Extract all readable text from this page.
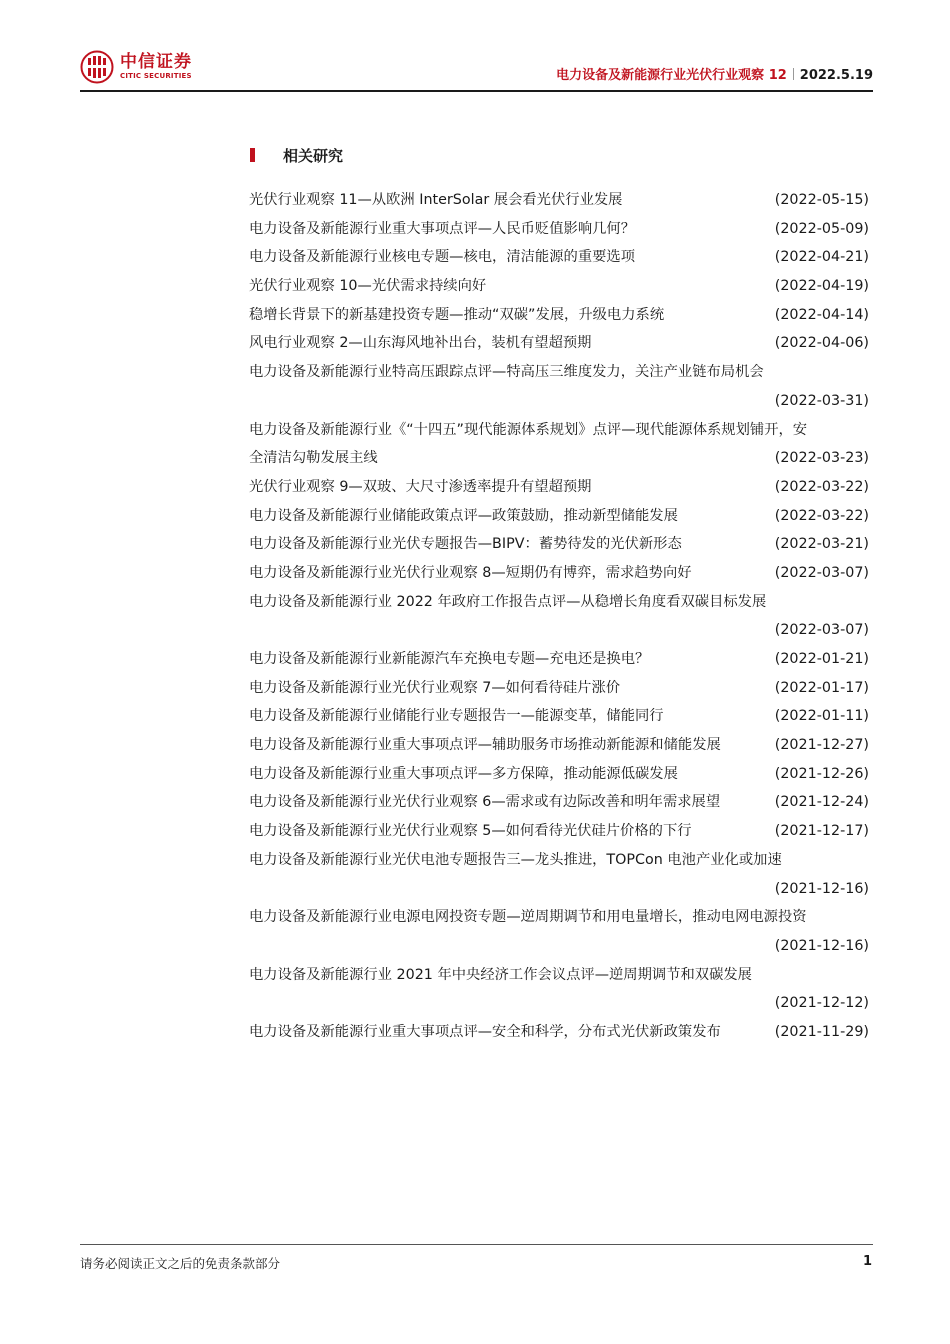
中信证券
CITIC SECURITIES	电力设备及新能源行业光伏行业观察 12 2022.5.19
相关研究
光伏行业观察 11—从欧洲 InterSolar 展会看光伏行业发展	(2022-05-15)
电力设备及新能源行业重大事项点评—人民币贬值影响几何？	(2022-05-09)
电力设备及新能源行业核电专题—核电，清洁能源的重要选项	(2022-04-21)
光伏行业观察 10—光伏需求持续向好	(2022-04-19)
稳增长背景下的新基建投资专题—推动“双碳”发展，升级电力系统	(2022-04-14)
风电行业观察 2—山东海风地补出台，装机有望超预期	(2022-04-06)
电力设备及新能源行业特高压跟踪点评—特高压三维度发力，关注产业链布局机会
(2022-03-31)
电力设备及新能源行业《“十四五”现代能源体系规划》点评—现代能源体系规划铺开，安
全清洁勾勒发展主线	(2022-03-23)
光伏行业观察 9—双玻、大尺寸渗透率提升有望超预期	(2022-03-22)
电力设备及新能源行业储能政策点评—政策鼓励，推动新型储能发展	(2022-03-22)
电力设备及新能源行业光伏专题报告—BIPV：蓄势待发的光伏新形态	(2022-03-21)
电力设备及新能源行业光伏行业观察 8—短期仍有博弈，需求趋势向好	(2022-03-07)
电力设备及新能源行业 2022 年政府工作报告点评—从稳增长角度看双碳目标发展
(2022-03-07)
电力设备及新能源行业新能源汽车充换电专题—充电还是换电？	(2022-01-21)
电力设备及新能源行业光伏行业观察 7—如何看待硅片涨价	(2022-01-17)
电力设备及新能源行业储能行业专题报告一—能源变革，储能同行	(2022-01-11)
电力设备及新能源行业重大事项点评—辅助服务市场推动新能源和储能发展	(2021-12-27)
电力设备及新能源行业重大事项点评—多方保障，推动能源低碳发展	(2021-12-26)
电力设备及新能源行业光伏行业观察 6—需求或有边际改善和明年需求展望	(2021-12-24)
电力设备及新能源行业光伏行业观察 5—如何看待光伏硅片价格的下行	(2021-12-17)
电力设备及新能源行业光伏电池专题报告三—龙头推进，TOPCon 电池产业化或加速
(2021-12-16)
电力设备及新能源行业电源电网投资专题—逆周期调节和用电量增长，推动电网电源投资
(2021-12-16)
电力设备及新能源行业 2021 年中央经济工作会议点评—逆周期调节和双碳发展
(2021-12-12)
电力设备及新能源行业重大事项点评—安全和科学，分布式光伏新政策发布	(2021-11-29)
请务必阅读正文之后的免责条款部分	1
